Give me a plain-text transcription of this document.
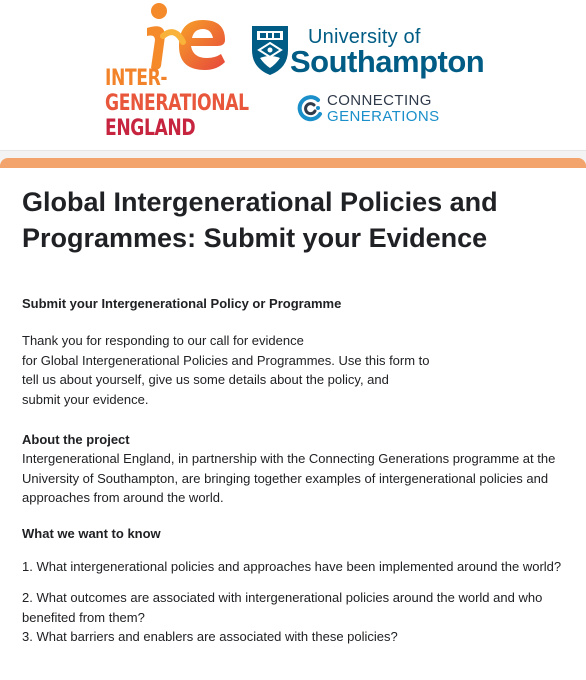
INTER-
GENERATIONAL
ENGLAND
University of
Southampton
CONNECTING
GENERATIONS
Global Intergenerational Policies and Programmes: Submit your Evidence

Submit your Intergenerational Policy or Programme

Thank you for responding to our call for evidence
for Global Intergenerational Policies and Programmes. Use this form to
tell us about yourself, give us some details about the policy, and
submit your evidence.

About the project

Intergenerational England, in partnership with the Connecting Generations programme at the University of Southampton, are bringing together examples of intergenerational policies and approaches from around the world.

What we want to know

1. What intergenerational policies and approaches have been implemented around the world?

2. What outcomes are associated with intergenerational policies around the world and who benefited from them?

3. What barriers and enablers are associated with these policies?
